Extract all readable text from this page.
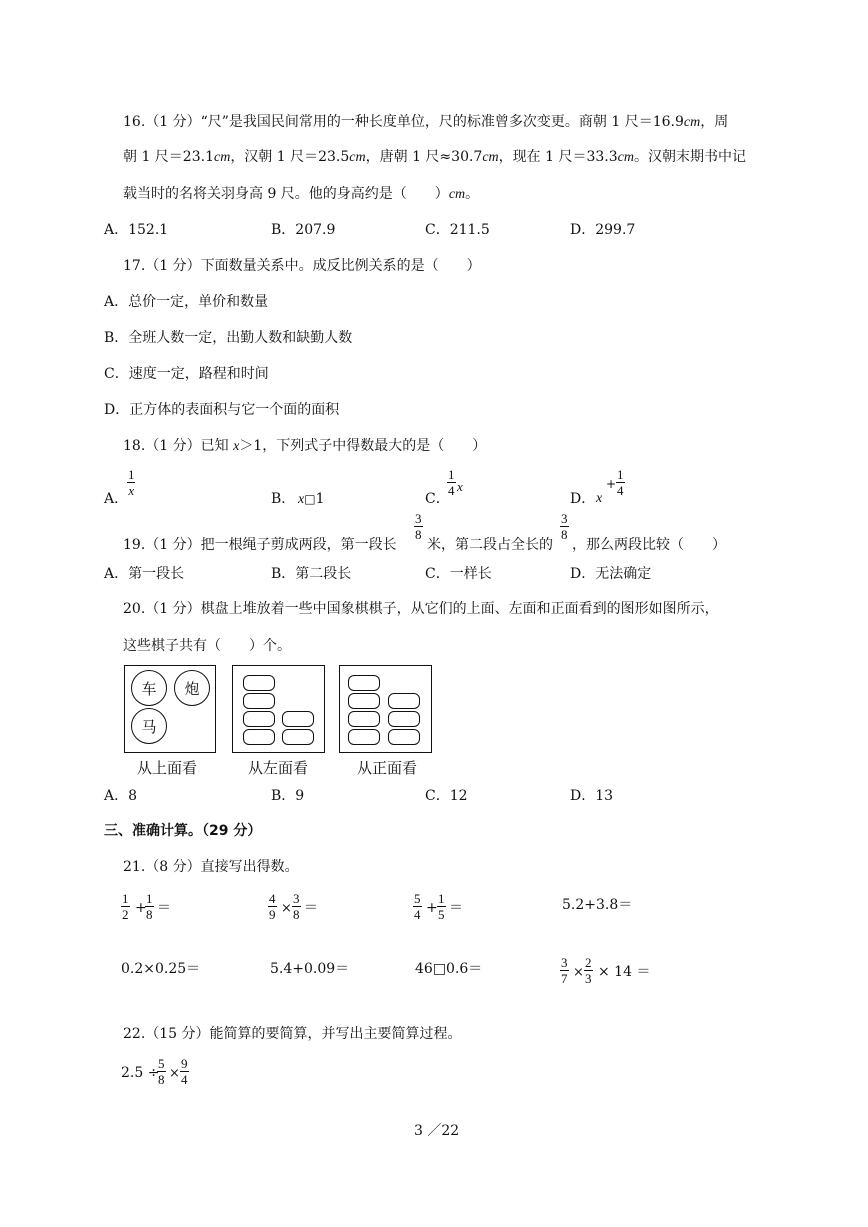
16.（1 分）“尺”是我国民间常用的一种长度单位，尺的标准曾多次变更。商朝 1 尺＝16.9cm，周
朝 1 尺＝23.1cm，汉朝 1 尺＝23.5cm，唐朝 1 尺≈30.7cm，现在 1 尺＝33.3cm。汉朝末期书中记
载当时的名将关羽身高 9 尺。他的身高约是（　　）cm。
A．152.1	B．207.9	C．211.5	D．299.7
17.（1 分）下面数量关系中。成反比例关系的是（　　）
A．总价一定，单价和数量
B．全班人数一定，出勤人数和缺勤人数
C．速度一定，路程和时间
D．正方体的表面积与它一个面的面积
18.（1 分）已知 x＞1，下列式子中得数最大的是（　　）
A．
1
x
B． x□1	C．
1
4 x
D． x
+
1
4
19.（1 分）把一根绳子剪成两段，第一段长
3
8
米，第二段占全长的
3
8
，那么两段比较（　　）
A．第一段长	B．第二段长	C．一样长	D．无法确定
20.（1 分）棋盘上堆放着一些中国象棋棋子，从它们的上面、左面和正面看到的图形如图所示，
这些棋子共有（　　）个。
车 炮
马
从上面看	从左面看	从正面看
A．8	B．9	C．12	D．13
三、准确计算。（29 分）
21.（8 分）直接写出得数。
1
2 +
1
8 ＝
4
9 ×
3
8 ＝
5
4 +
1
5 ＝	5.2+3.8＝
0.2×0.25＝	5.4+0.09＝	46□0.6＝	3
7 ×
2
3 × 14 ＝
22.（15 分）能简算的要简算，并写出主要简算过程。
2.5 ÷
5
8 ×
9
4
3 ／22
